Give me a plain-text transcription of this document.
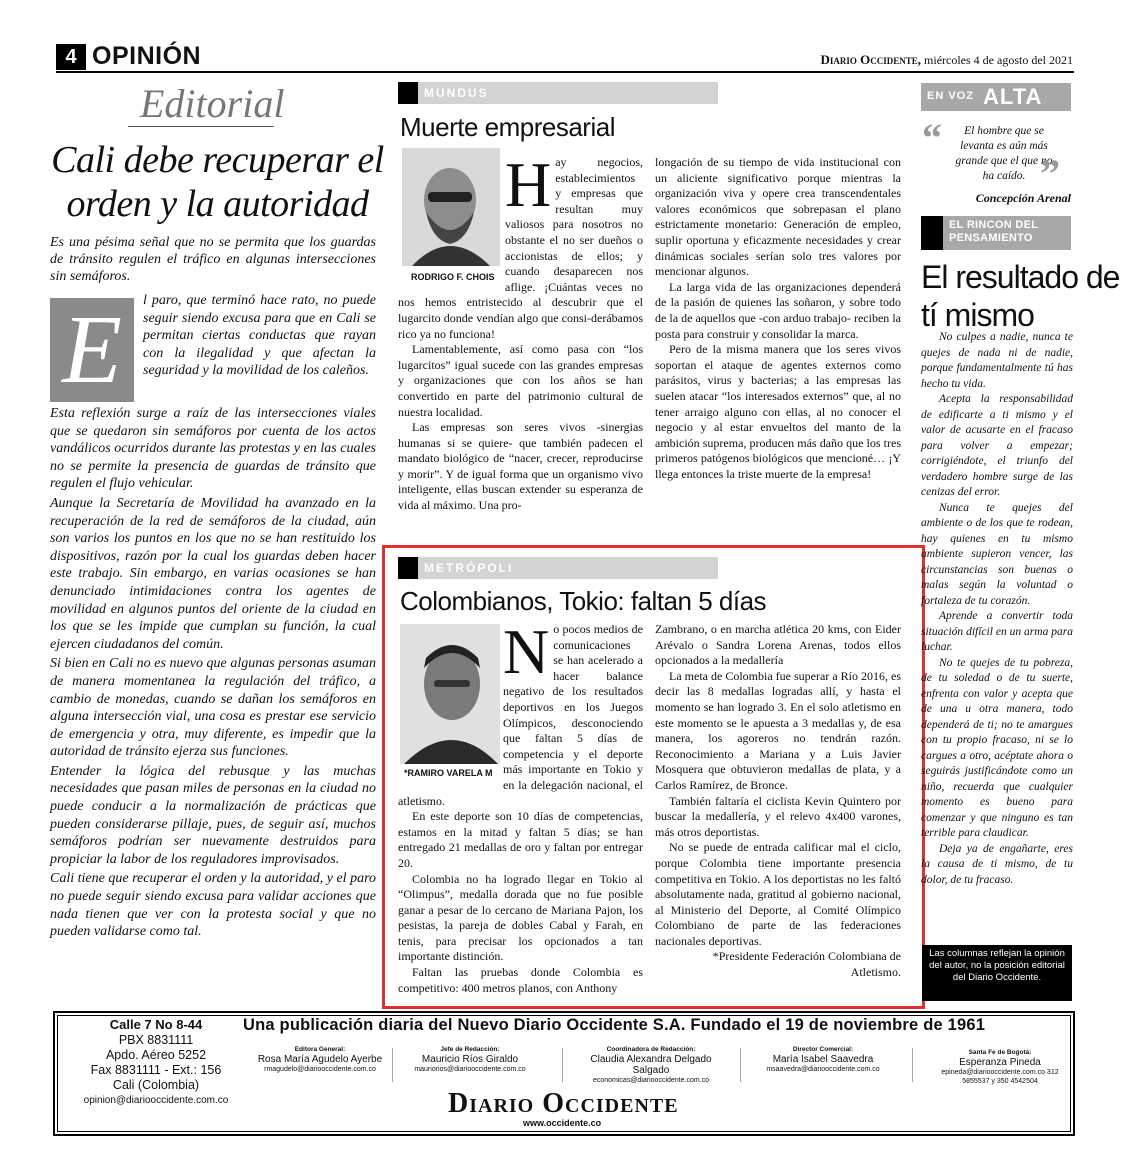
4 OPINIÓN	Diario Occidente, miércoles 4 de agosto del 2021
Editorial
Cali debe recuperar el orden y la autoridad
Es una pésima señal que no se permita que los guardas de tránsito regulen el tráfico en algunas intersecciones sin semáforos.
E	l paro, que terminó hace rato, no puede seguir siendo excusa para que en Cali se permitan ciertas conductas que rayan con la ilegalidad y que afectan la seguridad y la movilidad de los caleños.

Esta reflexión surge a raíz de las intersecciones viales que se quedaron sin semáforos por cuenta de los actos vandálicos ocurridos durante las protestas y en las cuales no se permite la presencia de guardas de tránsito que regulen el flujo vehicular.

Aunque la Secretaría de Movilidad ha avanzado en la recuperación de la red de semáforos de la ciudad, aún son varios los puntos en los que no se han restituido los dispositivos, razón por la cual los guardas deben hacer este trabajo. Sin embargo, en varias ocasiones se han denunciado intimidaciones contra los agentes de movilidad en algunos puntos del oriente de la ciudad en los que se les impide que cumplan su función, la cual ejercen ciudadanos del común.

Si bien en Cali no es nuevo que algunas personas asuman de manera momentanea la regulación del tráfico, a cambio de monedas, cuando se dañan los semáforos en alguna intersección vial, una cosa es prestar ese servicio de emergencia y otra, muy diferente, es impedir que la autoridad de tránsito ejerza sus funciones.

Entender la lógica del rebusque y las muchas necesidades que pasan miles de personas en la ciudad no puede conducir a la normalización de prácticas que pueden considerarse pillaje, pues, de seguir así, muchos semáforos podrían ser nuevamente destruidos para propiciar la labor de los reguladores improvisados.

Cali tiene que recuperar el orden y la autoridad, y el paro no puede seguir siendo excusa para validar acciones que nada tienen que ver con la protesta social y que no pueden validarse como tal.

MUNDUS
Muerte empresarial
RODRIGO F. CHOIS
Hay negocios, establecimientos y empresas que resultan muy valiosos para nosotros no obstante el no ser dueños o accionistas de ellos; y cuando desaparecen nos aflige. ¡Cuántas veces no nos hemos entristecido al descubrir que el lugarcito donde vendían algo que consi-derábamos rico ya no funciona!

Lamentablemente, así como pasa con “los lugarcitos” igual sucede con las grandes empresas y organizaciones que con los años se han convertido en parte del patrimonio cultural de nuestra localidad.

Las empresas son seres vivos -sinergias humanas si se quiere- que también padecen el mandato biológico de “nacer, crecer, reproducirse y morir”. Y de igual forma que un organismo vivo inteligente, ellas buscan extender su esperanza de vida al máximo. Una pro-

longación de su tiempo de vida institucional con un aliciente significativo porque mientras la organización viva y opere crea transcendentales valores económicos que sobrepasan el plano estrictamente monetario: Generación de empleo, suplir oportuna y eficazmente necesidades y crear dinámicas sociales serían solo tres valores por mencionar algunos.

La larga vida de las organizaciones dependerá de la pasión de quienes las soñaron, y sobre todo de la de aquellos que -con arduo trabajo- reciben la posta para construir y consolidar la marca.

Pero de la misma manera que los seres vivos soportan el ataque de agentes externos como parásitos, virus y bacterias; a las empresas las suelen atacar “los interesados externos” que, al no tener arraigo alguno con ellas, al no conocer el negocio y al estar envueltos del manto de la ambición suprema, producen más daño que los tres primeros patógenos biológicos que mencioné… ¡Y llega entonces la triste muerte de la empresa!

METRÓPOLI
Colombianos, Tokio: faltan 5 días
*RAMIRO VARELA M
No pocos medios de comunicaciones se han acelerado a hacer balance negativo de los resultados deportivos en los Juegos Olímpicos, desconociendo que faltan 5 días de competencia y el deporte más importante en Tokio y en la delegación nacional, el atletismo.

En este deporte son 10 días de competencias, estamos en la mitad y faltan 5 días; se han entregado 21 medallas de oro y faltan por entregar 20.

Colombia no ha logrado llegar en Tokio al “Olimpus”, medalla dorada que no fue posible ganar a pesar de lo cercano de Mariana Pajon, los pesistas, la pareja de dobles Cabal y Farah, en tenis, para precisar los opcionados a tan importante distinción.

Faltan las pruebas donde Colombia es competitivo: 400 metros planos, con Anthony

Zambrano, o en marcha atlética 20 kms, con Eider Arévalo o Sandra Lorena Arenas, todos ellos opcionados a la medallería

La meta de Colombia fue superar a Río 2016, es decir las 8 medallas logradas allí, y hasta el momento se han logrado 3. En el solo atletismo en este momento se le apuesta a 3 medallas y, de esa manera, los agoreros no tendrán razón. Reconocimiento a Mariana y a Luis Javier Mosquera que obtuvieron medallas de plata, y a Carlos Ramírez, de Bronce.

También faltaría el ciclista Kevin Quintero por buscar la medallería, y el relevo 4x400 varones, más otros deportistas.

No se puede de entrada calificar mal el ciclo, porque Colombia tiene importante presencia competitiva en Tokio. A los deportistas no les faltó absolutamente nada, gratitud al gobierno nacional, al Ministerio del Deporte, al Comité Olímpico Colombiano de parte de las federaciones nacionales deportivas.

*Presidente Federación Colombiana de Atletismo.

EN VOZ ALTA
“	El hombre que se levanta es aún más grande que el que no ha caído. ”
Concepción Arenal
EL RINCON DEL PENSAMIENTO
El resultado de tí mismo

No culpes a nadie, nunca te quejes de nada ni de nadie, porque fundamentalmente tú has hecho tu vida.

Acepta la responsabilidad de edificarte a ti mismo y el valor de acusarte en el fracaso para volver a empezar; corrigiéndote, el triunfo del verdadero hombre surge de las cenizas del error.

Nunca te quejes del ambiente o de los que te rodean, hay quienes en tu mismo ambiente supieron vencer, las circunstancias son buenas o malas según la voluntad o fortaleza de tu corazón.

Aprende a convertir toda situación difícil en un arma para luchar.

No te quejes de tu pobreza, de tu soledad o de tu suerte, enfrenta con valor y acepta que de una u otra manera, todo dependerá de ti; no te amargues con tu propio fracaso, ni se lo cargues a otro, acéptate ahora o seguirás justificándote como un niño, recuerda que cualquier momento es bueno para comenzar y que ninguno es tan terrible para claudicar.

Deja ya de engañarte, eres la causa de ti mismo, de tu dolor, de tu fracaso.

Las columnas reflejan la opinión del autor, no la posición editorial del Diario Occidente.
Calle 7 No 8-44
PBX 8831111
Apdo. Aéreo 5252
Fax 8831111 - Ext.: 156
Cali (Colombia)
opinion@diariooccidente.com.co
Una publicación diaria del Nuevo Diario Occidente S.A. Fundado el 19 de noviembre de 1961
Editora General:
Rosa María Agudelo Ayerbe
rmagudelo@diariooccidente.com.co
Jefe de Redacción:
Mauricio Ríos Giraldo
mauriorios@diariooccidente.com.co
Coordinadora de Redacción:
Claudia Alexandra Delgado Salgado
economicas@diariooccidente.com.co
Director Comercial:
María Isabel Saavedra
msaavedra@diariooccidente.com.co
Santa Fe de Bogotá:
Esperanza Pineda
epineda@diariooccidente.com.co 312 5855537 y 350 4542504
Diario Occidente
www.occidente.co
